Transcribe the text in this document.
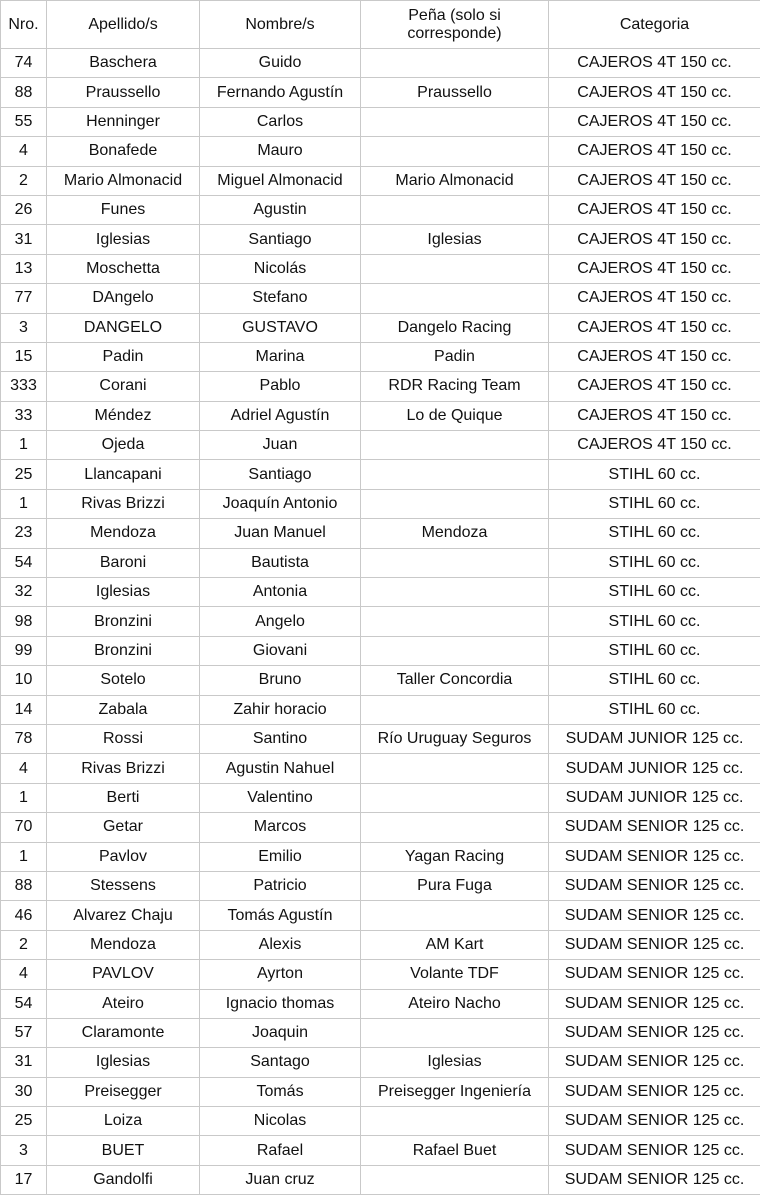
Nro.	Apellido/s	Nombre/s	Peña (solo si corresponde)	Categoria
74	Baschera	Guido		CAJEROS 4T 150 cc.
88	Praussello	Fernando Agustín	Praussello	CAJEROS 4T 150 cc.
55	Henninger	Carlos		CAJEROS 4T 150 cc.
4	Bonafede	Mauro		CAJEROS 4T 150 cc.
2	Mario Almonacid	Miguel Almonacid	Mario Almonacid	CAJEROS 4T 150 cc.
26	Funes	Agustin		CAJEROS 4T 150 cc.
31	Iglesias	Santiago	Iglesias	CAJEROS 4T 150 cc.
13	Moschetta	Nicolás		CAJEROS 4T 150 cc.
77	DAngelo	Stefano		CAJEROS 4T 150 cc.
3	DANGELO	GUSTAVO	Dangelo Racing	CAJEROS 4T 150 cc.
15	Padin	Marina	Padin	CAJEROS 4T 150 cc.
333	Corani	Pablo	RDR Racing Team	CAJEROS 4T 150 cc.
33	Méndez	Adriel Agustín	Lo de Quique	CAJEROS 4T 150 cc.
1	Ojeda	Juan		CAJEROS 4T 150 cc.
25	Llancapani	Santiago		STIHL 60 cc.
1	Rivas Brizzi	Joaquín Antonio		STIHL 60 cc.
23	Mendoza	Juan Manuel	Mendoza	STIHL 60 cc.
54	Baroni	Bautista		STIHL 60 cc.
32	Iglesias	Antonia		STIHL 60 cc.
98	Bronzini	Angelo		STIHL 60 cc.
99	Bronzini	Giovani		STIHL 60 cc.
10	Sotelo	Bruno	Taller Concordia	STIHL 60 cc.
14	Zabala	Zahir horacio		STIHL 60 cc.
78	Rossi	Santino	Río Uruguay Seguros	SUDAM JUNIOR 125 cc.
4	Rivas Brizzi	Agustin Nahuel		SUDAM JUNIOR 125 cc.
1	Berti	Valentino		SUDAM JUNIOR 125 cc.
70	Getar	Marcos		SUDAM SENIOR 125 cc.
1	Pavlov	Emilio	Yagan Racing	SUDAM SENIOR 125 cc.
88	Stessens	Patricio	Pura Fuga	SUDAM SENIOR 125 cc.
46	Alvarez Chaju	Tomás Agustín		SUDAM SENIOR 125 cc.
2	Mendoza	Alexis	AM Kart	SUDAM SENIOR 125 cc.
4	PAVLOV	Ayrton	Volante TDF	SUDAM SENIOR 125 cc.
54	Ateiro	Ignacio thomas	Ateiro Nacho	SUDAM SENIOR 125 cc.
57	Claramonte	Joaquin		SUDAM SENIOR 125 cc.
31	Iglesias	Santago	Iglesias	SUDAM SENIOR 125 cc.
30	Preisegger	Tomás	Preisegger Ingeniería	SUDAM SENIOR 125 cc.
25	Loiza	Nicolas		SUDAM SENIOR 125 cc.
3	BUET	Rafael	Rafael Buet	SUDAM SENIOR 125 cc.
17	Gandolfi	Juan cruz		SUDAM SENIOR 125 cc.
